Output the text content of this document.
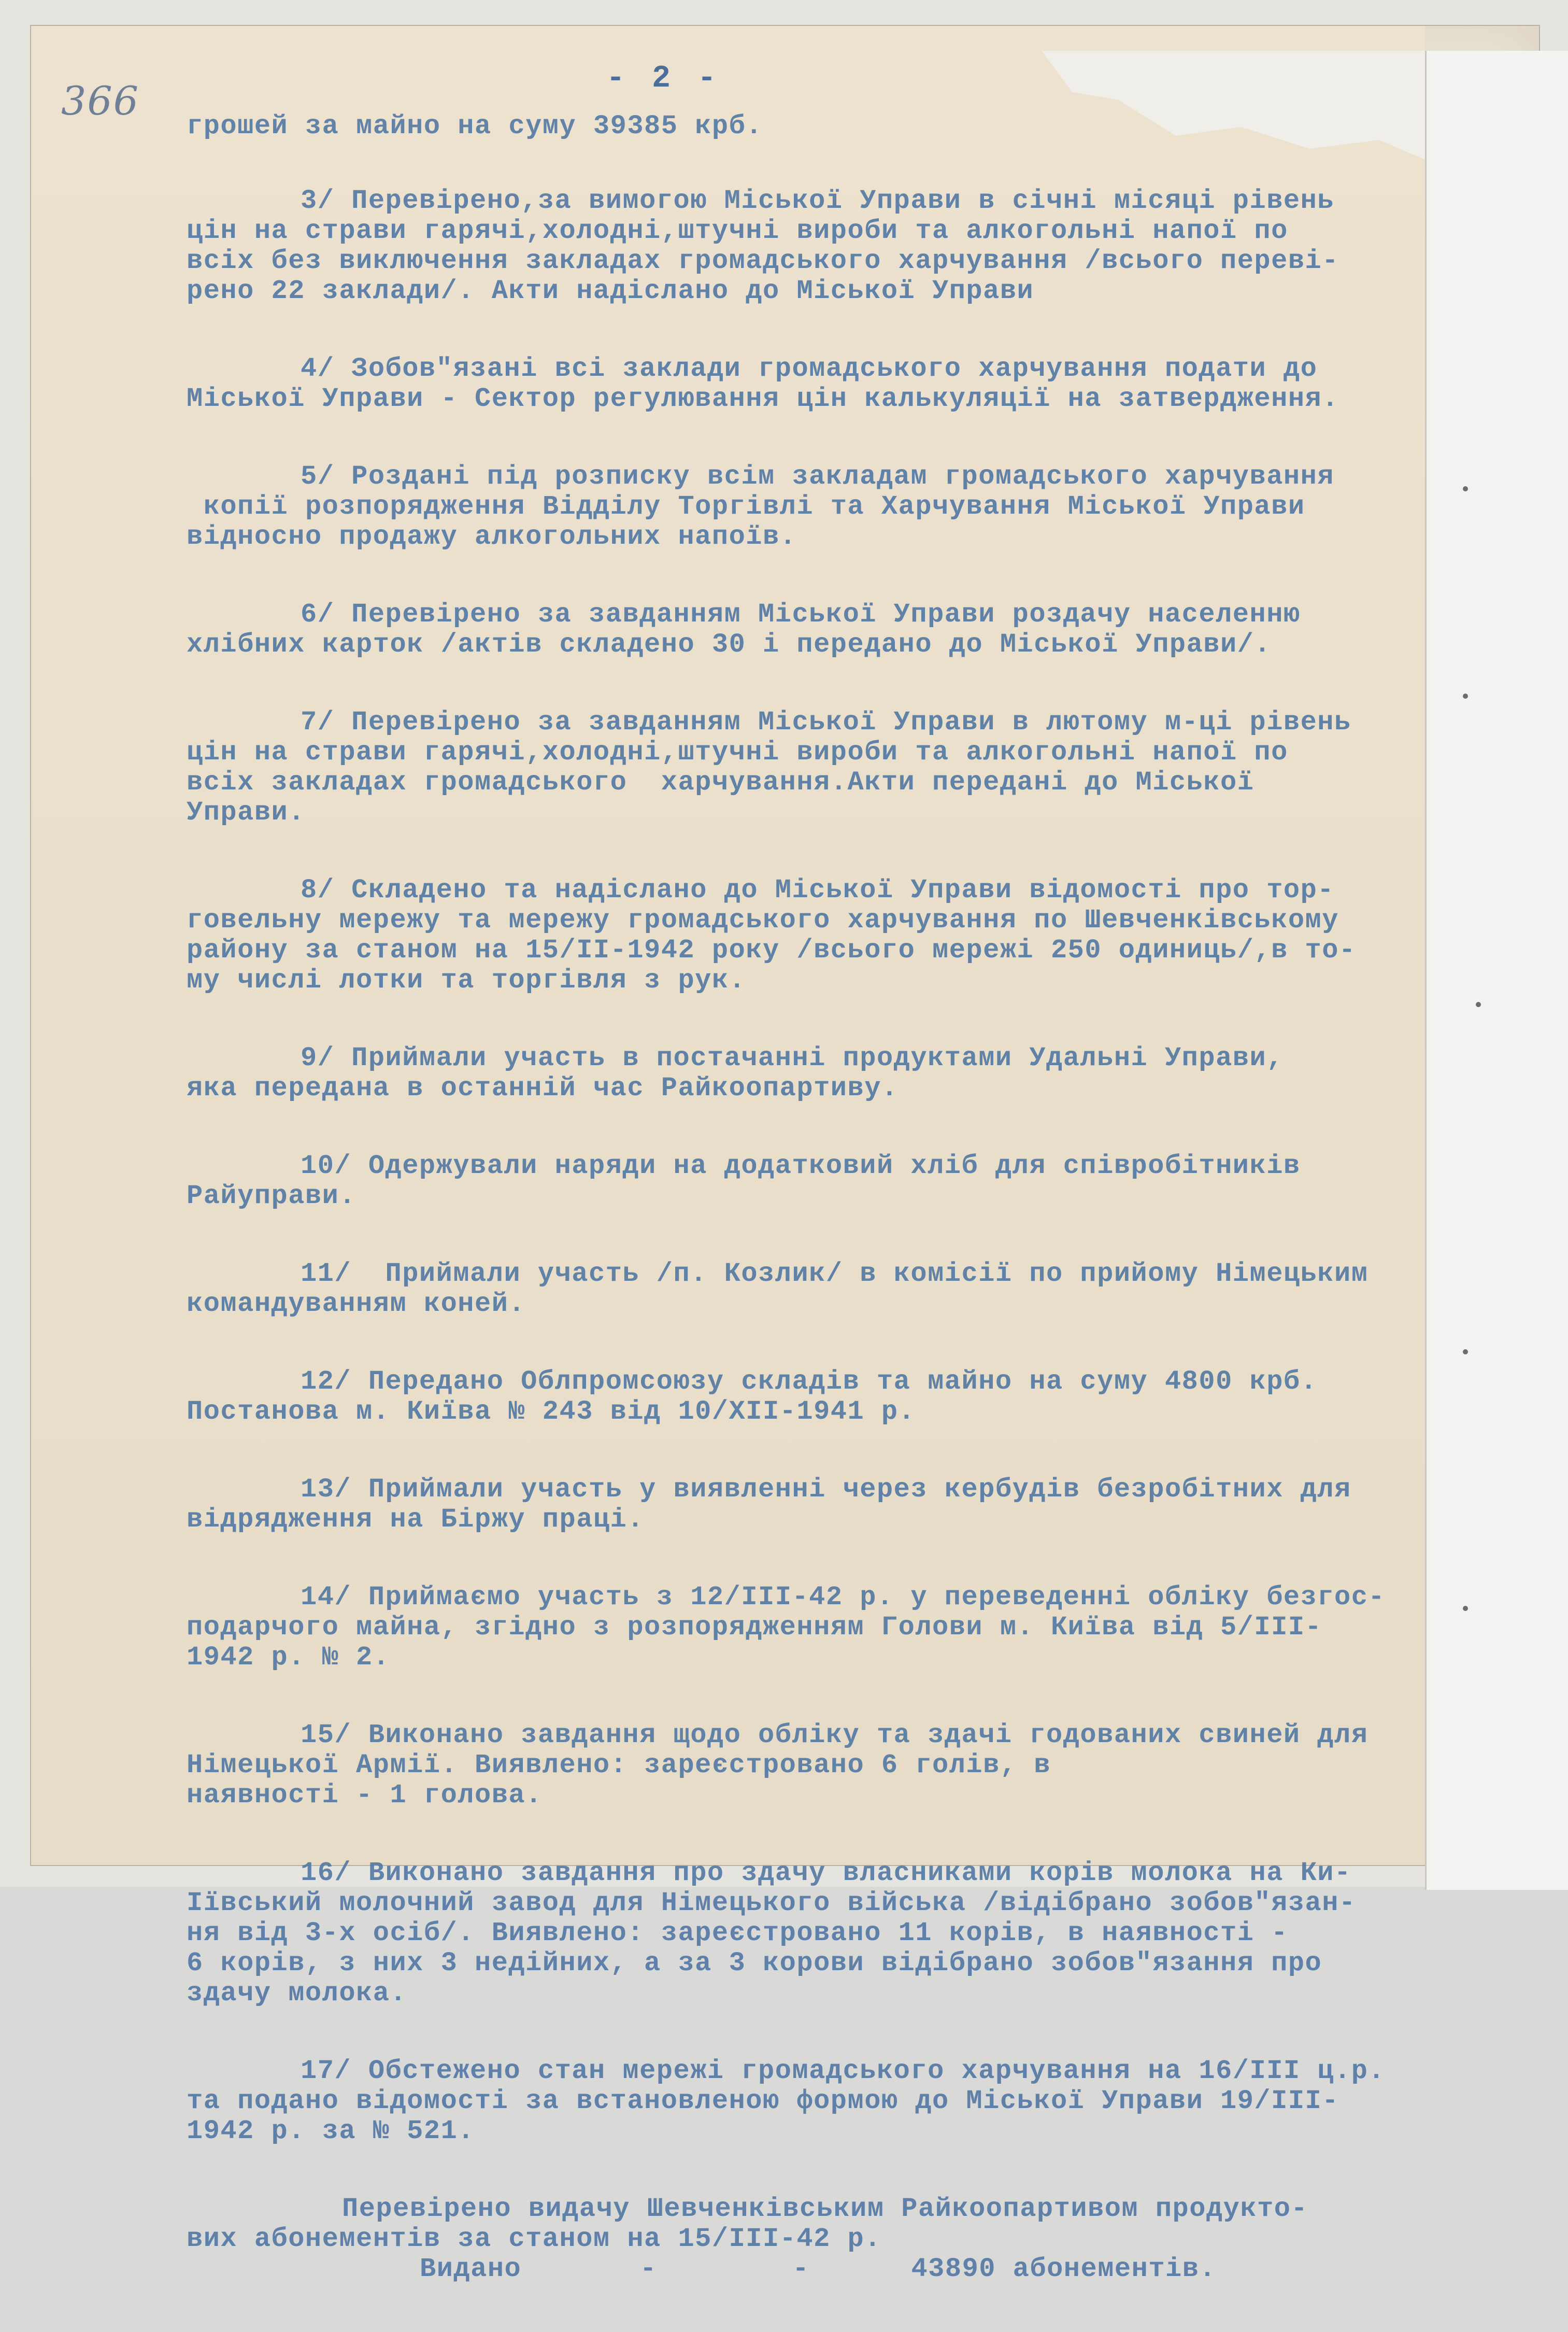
366	- 2 -
грошей за майно на суму 39385 крб.
3/ Перевірено,за вимогою Міської Управи в січні місяці рівень
цін на страви гарячі,холодні,штучні вироби та алкогольні напої по
всіх без виключення закладах громадського харчування /всього переві-
рено 22 заклади/. Акти надіслано до Міської Управи
4/ Зобов"язані всі заклади громадського харчування подати до
Міської Управи - Сектор регулювання цін калькуляції на затвердження.
5/ Роздані під розписку всім закладам громадського харчування
копії розпорядження Відділу Торгівлі та Харчування Міської Управи
відносно продажу алкогольних напоїв.
6/ Перевірено за завданням Міської Управи роздачу населенню
хлібних карток /актів складено 30 і передано до Міської Управи/.
7/ Перевірено за завданням Міської Управи в лютому м-ці рівень
цін на страви гарячі,холодні,штучні вироби та алкогольні напої по
всіх закладах громадського  харчування.Акти передані до Міської
Управи.
8/ Складено та надіслано до Міської Управи відомості про тор-
говельну мережу та мережу громадського харчування по Шевченківському
району за станом на 15/ІІ-1942 року /всього мережі 250 одиниць/,в то-
му числі лотки та торгівля з рук.
9/ Приймали участь в постачанні продуктами Удальні Управи,
яка передана в останній час Райкоопартиву.
10/ Одержували наряди на додатковий хліб для співробітників
Райуправи.
11/  Приймали участь /п. Козлик/ в комісії по прийому Німецьким
командуванням коней.
12/ Передано Облпромсоюзу складів та майно на суму 4800 крб.
Постанова м. Київа № 243 від 10/ХІІ-1941 р.
13/ Приймали участь у виявленні через кербудів безробітних для
відрядження на Біржу праці.
14/ Приймаємо участь з 12/ІІІ-42 р. у переведенні обліку безгос-
подарчого майна, згідно з розпорядженням Голови м. Київа від 5/ІІІ-
1942 р. № 2.
15/ Виконано завдання щодо обліку та здачі годованих свиней для
Німецької Армії. Виявлено: зареєстровано 6 голів, в
наявності - 1 голова.
16/ Виконано завдання про здачу власниками корів молока на Ки-
Іївський молочний завод для Німецького війська /відібрано зобов"язан-
ня від 3-х осіб/. Виявлено: зареєстровано 11 корів, в наявності -
6 корів, з них 3 недійних, а за 3 корови відібрано зобов"язання про
здачу молока.
17/ Обстежено стан мережі громадського харчування на 16/ІІІ ц.р.
та подано відомості за встановленою формою до Міської Управи 19/ІІІ-
1942 р. за № 521.
Перевірено видачу Шевченківським Райкоопартивом продукто-
вих абонементів за станом на 15/ІІІ-42 р.
Видано       -        -      43890 абонементів.
